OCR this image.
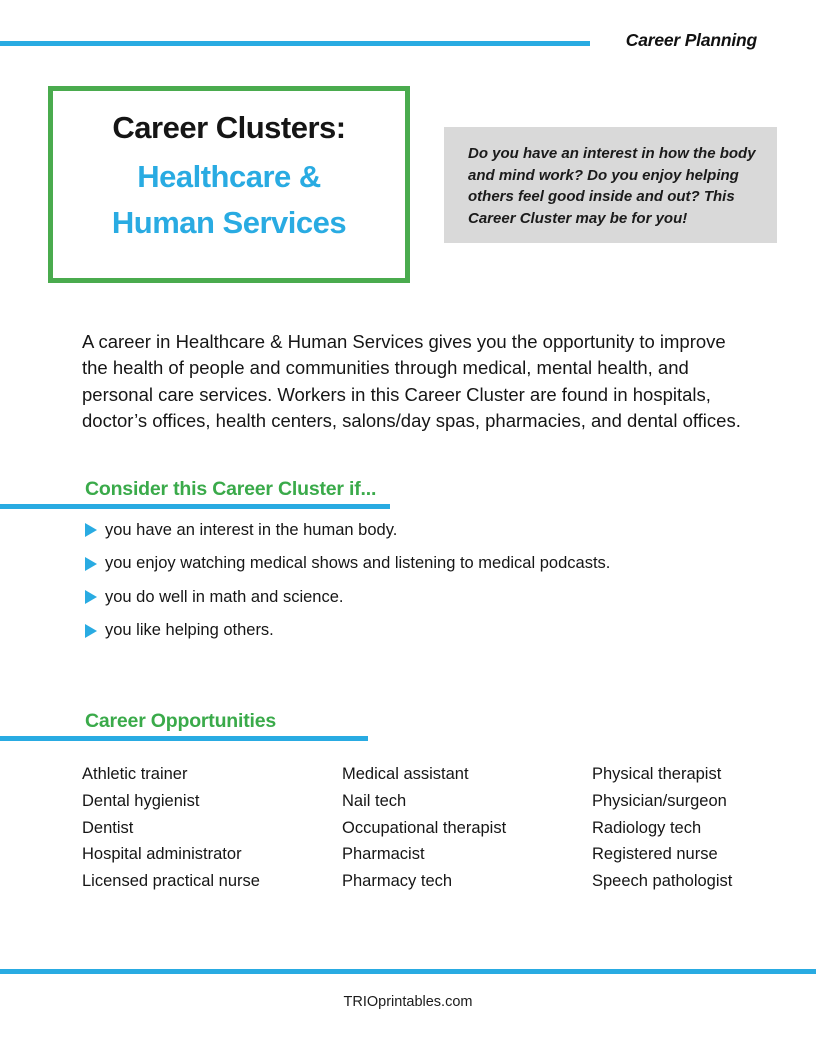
Career Planning
Career Clusters:
Healthcare &
Human Services
Do you have an interest in how the body and mind work? Do you enjoy helping others feel good inside and out? This Career Cluster may be for you!

A career in Healthcare & Human Services gives you the opportunity to improve the health of people and communities through medical, mental health, and personal care services. Workers in this Career Cluster are found in hospitals, doctor’s offices, health centers, salons/day spas, pharmacies, and dental offices.

Consider this Career Cluster if...
you have an interest in the human body.
you enjoy watching medical shows and listening to medical podcasts.
you do well in math and science.
you like helping others.
Career Opportunities
Athletic trainer
Dental hygienist
Dentist
Hospital administrator
Licensed practical nurse
Medical assistant
Nail tech
Occupational therapist
Pharmacist
Pharmacy tech
Physical therapist
Physician/surgeon
Radiology tech
Registered nurse
Speech pathologist
TRIOprintables.com
